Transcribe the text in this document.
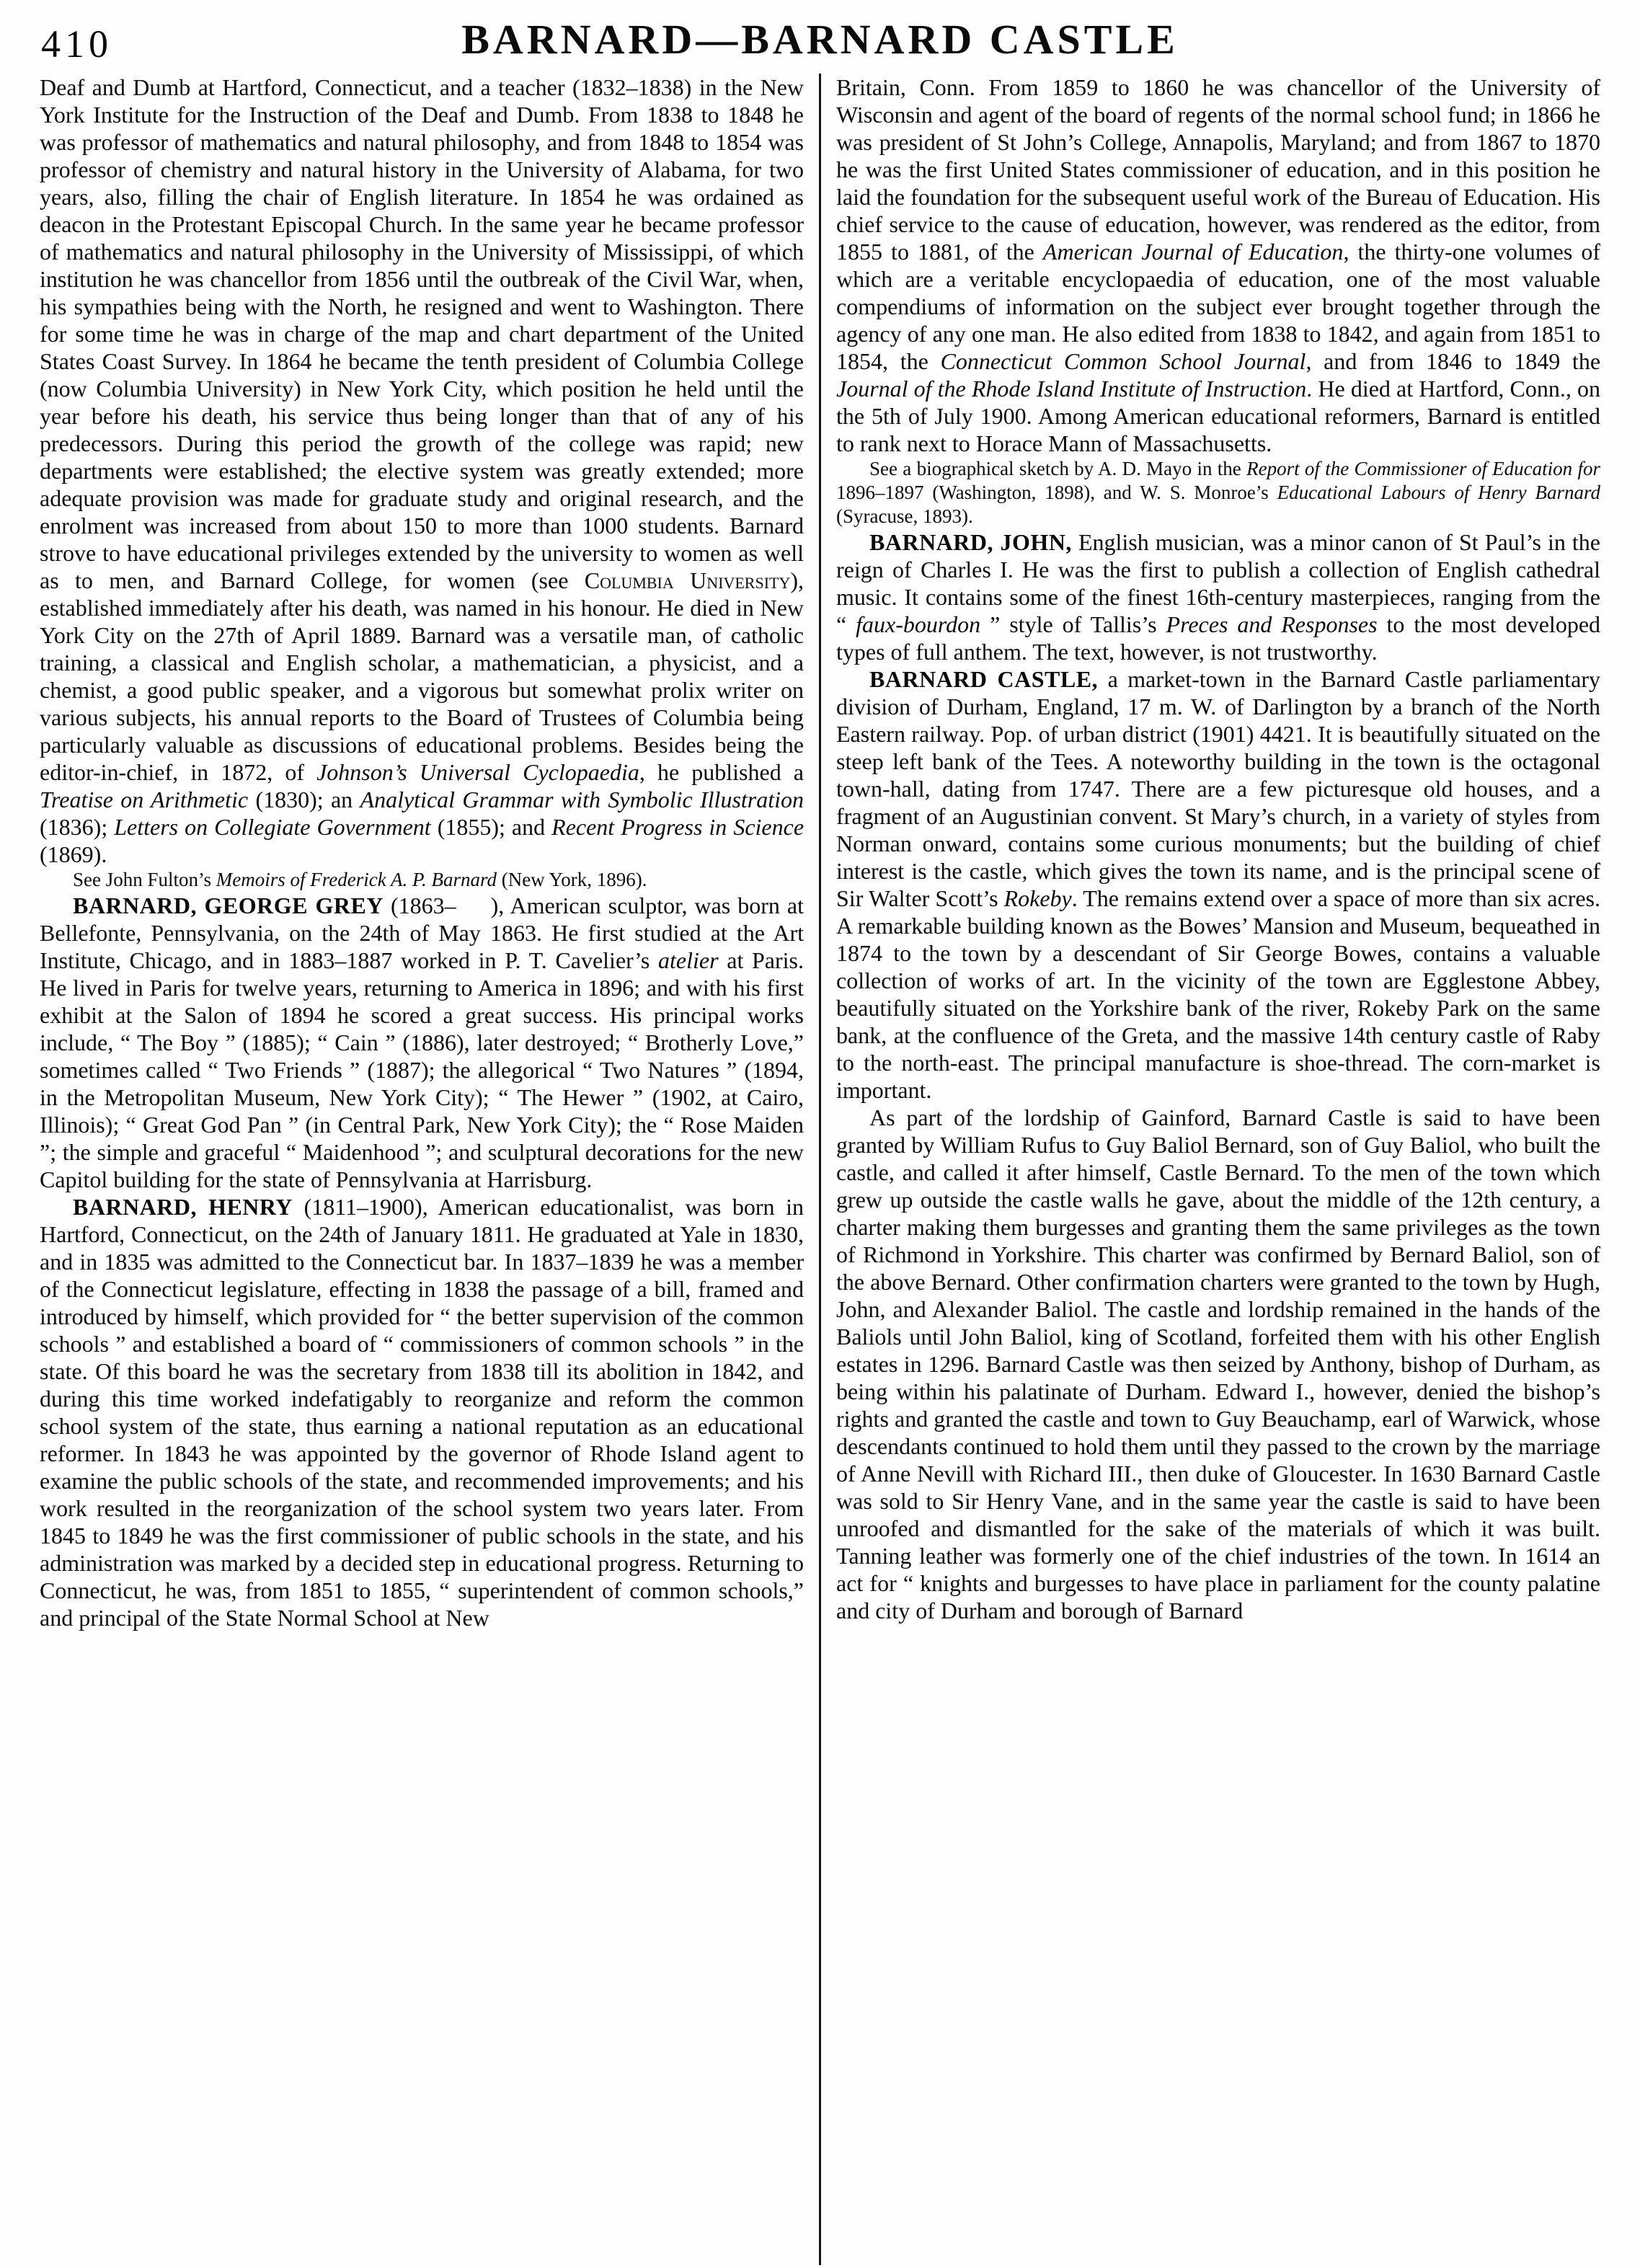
410	BARNARD—BARNARD CASTLE

Deaf and Dumb at Hartford, Connecticut, and a teacher (1832–1838) in the New York Institute for the Instruction of the Deaf and Dumb. From 1838 to 1848 he was professor of mathematics and natural philosophy, and from 1848 to 1854 was professor of chemistry and natural history in the University of Alabama, for two years, also, filling the chair of English literature. In 1854 he was ordained as deacon in the Protestant Episcopal Church. In the same year he became professor of mathematics and natural philosophy in the University of Mississippi, of which institution he was chancellor from 1856 until the outbreak of the Civil War, when, his sympathies being with the North, he resigned and went to Washington. There for some time he was in charge of the map and chart department of the United States Coast Survey. In 1864 he became the tenth president of Columbia College (now Columbia University) in New York City, which position he held until the year before his death, his service thus being longer than that of any of his predecessors. During this period the growth of the college was rapid; new departments were established; the elective system was greatly extended; more adequate provision was made for graduate study and original research, and the enrolment was increased from about 150 to more than 1000 students. Barnard strove to have educational privileges extended by the university to women as well as to men, and Barnard College, for women (see Columbia University), established immediately after his death, was named in his honour. He died in New York City on the 27th of April 1889. Barnard was a versatile man, of catholic training, a classical and English scholar, a mathematician, a physicist, and a chemist, a good public speaker, and a vigorous but somewhat prolix writer on various subjects, his annual reports to the Board of Trustees of Columbia being particularly valuable as discussions of educational problems. Besides being the editor-in-chief, in 1872, of Johnson’s Universal Cyclopaedia, he published a Treatise on Arithmetic (1830); an Analytical Grammar with Symbolic Illustration (1836); Letters on Collegiate Government (1855); and Recent Progress in Science (1869).

See John Fulton’s Memoirs of Frederick A. P. Barnard (New York, 1896).

BARNARD, GEORGE GREY (1863–   ), American sculptor, was born at Bellefonte, Pennsylvania, on the 24th of May 1863. He first studied at the Art Institute, Chicago, and in 1883–1887 worked in P. T. Cavelier’s atelier at Paris. He lived in Paris for twelve years, returning to America in 1896; and with his first exhibit at the Salon of 1894 he scored a great success. His principal works include, “ The Boy ” (1885); “ Cain ” (1886), later destroyed; “ Brotherly Love,” sometimes called “ Two Friends ” (1887); the allegorical “ Two Natures ” (1894, in the Metropolitan Museum, New York City); “ The Hewer ” (1902, at Cairo, Illinois); “ Great God Pan ” (in Central Park, New York City); the “ Rose Maiden ”; the simple and graceful “ Maidenhood ”; and sculptural decorations for the new Capitol building for the state of Pennsylvania at Harrisburg.

BARNARD, HENRY (1811–1900), American educationalist, was born in Hartford, Connecticut, on the 24th of January 1811. He graduated at Yale in 1830, and in 1835 was admitted to the Connecticut bar. In 1837–1839 he was a member of the Connecticut legislature, effecting in 1838 the passage of a bill, framed and introduced by himself, which provided for “ the better supervision of the common schools ” and established a board of “ commissioners of common schools ” in the state. Of this board he was the secretary from 1838 till its abolition in 1842, and during this time worked indefatigably to reorganize and reform the common school system of the state, thus earning a national reputation as an educational reformer. In 1843 he was appointed by the governor of Rhode Island agent to examine the public schools of the state, and recommended improvements; and his work resulted in the reorganization of the school system two years later. From 1845 to 1849 he was the first commissioner of public schools in the state, and his administration was marked by a decided step in educational progress. Returning to Connecticut, he was, from 1851 to 1855, “ superintendent of common schools,” and principal of the State Normal School at New

Britain, Conn. From 1859 to 1860 he was chancellor of the University of Wisconsin and agent of the board of regents of the normal school fund; in 1866 he was president of St John’s College, Annapolis, Maryland; and from 1867 to 1870 he was the first United States commissioner of education, and in this position he laid the foundation for the subsequent useful work of the Bureau of Education. His chief service to the cause of education, however, was rendered as the editor, from 1855 to 1881, of the American Journal of Education, the thirty-one volumes of which are a veritable encyclopaedia of education, one of the most valuable compendiums of information on the subject ever brought together through the agency of any one man. He also edited from 1838 to 1842, and again from 1851 to 1854, the Connecticut Common School Journal, and from 1846 to 1849 the Journal of the Rhode Island Institute of Instruction. He died at Hartford, Conn., on the 5th of July 1900. Among American educational reformers, Barnard is entitled to rank next to Horace Mann of Massachusetts.

See a biographical sketch by A. D. Mayo in the Report of the Commissioner of Education for 1896–1897 (Washington, 1898), and W. S. Monroe’s Educational Labours of Henry Barnard (Syracuse, 1893).

BARNARD, JOHN, English musician, was a minor canon of St Paul’s in the reign of Charles I. He was the first to publish a collection of English cathedral music. It contains some of the finest 16th-century masterpieces, ranging from the “ faux-bourdon ” style of Tallis’s Preces and Responses to the most developed types of full anthem. The text, however, is not trustworthy.

BARNARD CASTLE, a market-town in the Barnard Castle parliamentary division of Durham, England, 17 m. W. of Darlington by a branch of the North Eastern railway. Pop. of urban district (1901) 4421. It is beautifully situated on the steep left bank of the Tees. A noteworthy building in the town is the octagonal town-hall, dating from 1747. There are a few picturesque old houses, and a fragment of an Augustinian convent. St Mary’s church, in a variety of styles from Norman onward, contains some curious monuments; but the building of chief interest is the castle, which gives the town its name, and is the principal scene of Sir Walter Scott’s Rokeby. The remains extend over a space of more than six acres. A remarkable building known as the Bowes’ Mansion and Museum, bequeathed in 1874 to the town by a descendant of Sir George Bowes, contains a valuable collection of works of art. In the vicinity of the town are Egglestone Abbey, beautifully situated on the Yorkshire bank of the river, Rokeby Park on the same bank, at the confluence of the Greta, and the massive 14th century castle of Raby to the north-east. The principal manufacture is shoe-thread. The corn-market is important.

As part of the lordship of Gainford, Barnard Castle is said to have been granted by William Rufus to Guy Baliol Bernard, son of Guy Baliol, who built the castle, and called it after himself, Castle Bernard. To the men of the town which grew up outside the castle walls he gave, about the middle of the 12th century, a charter making them burgesses and granting them the same privileges as the town of Richmond in Yorkshire. This charter was confirmed by Bernard Baliol, son of the above Bernard. Other confirmation charters were granted to the town by Hugh, John, and Alexander Baliol. The castle and lordship remained in the hands of the Baliols until John Baliol, king of Scotland, forfeited them with his other English estates in 1296. Barnard Castle was then seized by Anthony, bishop of Durham, as being within his palatinate of Durham. Edward I., however, denied the bishop’s rights and granted the castle and town to Guy Beauchamp, earl of Warwick, whose descendants continued to hold them until they passed to the crown by the marriage of Anne Nevill with Richard III., then duke of Gloucester. In 1630 Barnard Castle was sold to Sir Henry Vane, and in the same year the castle is said to have been unroofed and dismantled for the sake of the materials of which it was built. Tanning leather was formerly one of the chief industries of the town. In 1614 an act for “ knights and burgesses to have place in parliament for the county palatine and city of Durham and borough of Barnard
